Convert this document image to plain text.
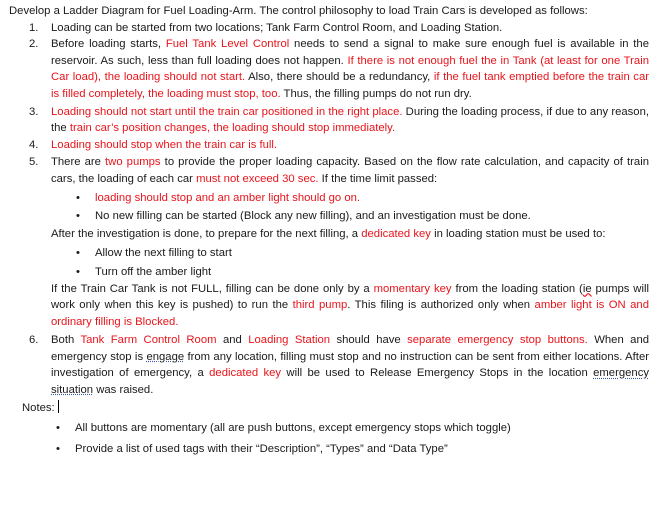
Develop a Ladder Diagram for Fuel Loading-Arm. The control philosophy to load Train Cars is developed as follows:
1. Loading can be started from two locations; Tank Farm Control Room, and Loading Station.
2. Before loading starts, Fuel Tank Level Control needs to send a signal to make sure enough fuel is available in the reservoir. As such, less than full loading does not happen. If there is not enough fuel the in Tank (at least for one Train Car load), the loading should not start. Also, there should be a redundancy, if the fuel tank emptied before the train car is filled completely, the loading must stop, too. Thus, the filling pumps do not run dry.
3. Loading should not start until the train car positioned in the right place. During the loading process, if due to any reason, the train car’s position changes, the loading should stop immediately.
4. Loading should stop when the train car is full.
5. There are two pumps to provide the proper loading capacity. Based on the flow rate calculation, and capacity of train cars, the loading of each car must not exceed 30 sec. If the time limit passed:
• loading should stop and an amber light should go on.
• No new filling can be started (Block any new filling), and an investigation must be done.
After the investigation is done, to prepare for the next filling, a dedicated key in loading station must be used to:
• Allow the next filling to start
• Turn off the amber light
If the Train Car Tank is not FULL, filling can be done only by a momentary key from the loading station (ie pumps will work only when this key is pushed) to run the third pump. This filing is authorized only when amber light is ON and ordinary filling is Blocked.
6. Both Tank Farm Control Room and Loading Station should have separate emergency stop buttons. When and emergency stop is engage from any location, filling must stop and no instruction can be sent from either locations. After investigation of emergency, a dedicated key will be used to Release Emergency Stops in the location emergency situation was raised.
Notes:
• All buttons are momentary (all are push buttons, except emergency stops which toggle)
• Provide a list of used tags with their “Description”, “Types” and “Data Type”
